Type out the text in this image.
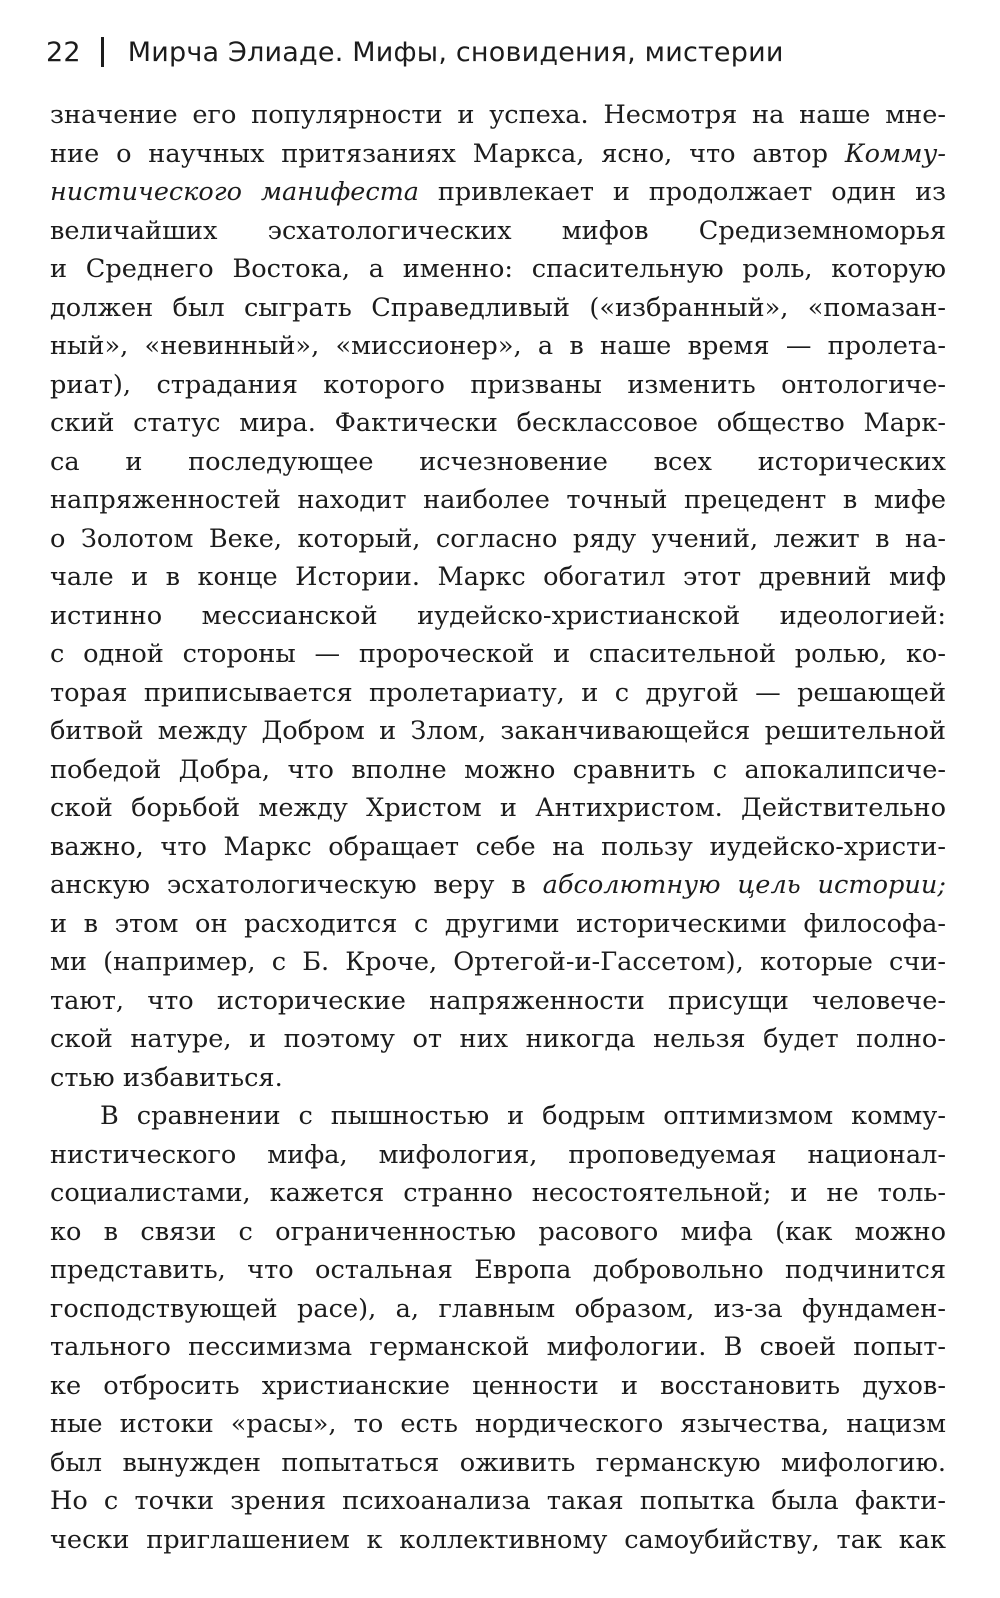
22 Мирча Элиаде. Мифы, сновидения, мистерии
значение его популярности и успеха. Несмотря на наше мне-
ние о научных притязаниях Маркса, ясно, что автор Комму-
нистического манифеста привлекает и продолжает один из
величайших эсхатологических мифов Средиземноморья
и Среднего Востока, а именно: спасительную роль, которую
должен был сыграть Справедливый («избранный», «помазан-
ный», «невинный», «миссионер», а в наше время — пролета-
риат), страдания которого призваны изменить онтологиче-
ский статус мира. Фактически бесклассовое общество Марк-
са и последующее исчезновение всех исторических
напряженностей находит наиболее точный прецедент в мифе
о Золотом Веке, который, согласно ряду учений, лежит в на-
чале и в конце Истории. Маркс обогатил этот древний миф
истинно мессианской иудейско-христианской идеологией:
с одной стороны — пророческой и спасительной ролью, ко-
торая приписывается пролетариату, и с другой — решающей
битвой между Добром и Злом, заканчивающейся решительной
победой Добра, что вполне можно сравнить с апокалипсиче-
ской борьбой между Христом и Антихристом. Действительно
важно, что Маркс обращает себе на пользу иудейско-христи-
анскую эсхатологическую веру в абсолютную цель истории;
и в этом он расходится с другими историческими философа-
ми (например, с Б. Кроче, Ортегой-и-Гассетом), которые счи-
тают, что исторические напряженности присущи человече-
ской натуре, и поэтому от них никогда нельзя будет полно-
стью избавиться.
В сравнении с пышностью и бодрым оптимизмом комму-
нистического мифа, мифология, проповедуемая национал-
социалистами, кажется странно несостоятельной; и не толь-
ко в связи с ограниченностью расового мифа (как можно
представить, что остальная Европа добровольно подчинится
господствующей расе), а, главным образом, из-за фундамен-
тального пессимизма германской мифологии. В своей попыт-
ке отбросить христианские ценности и восстановить духов-
ные истоки «расы», то есть нордического язычества, нацизм
был вынужден попытаться оживить германскую мифологию.
Но с точки зрения психоанализа такая попытка была факти-
чески приглашением к коллективному самоубийству, так как
